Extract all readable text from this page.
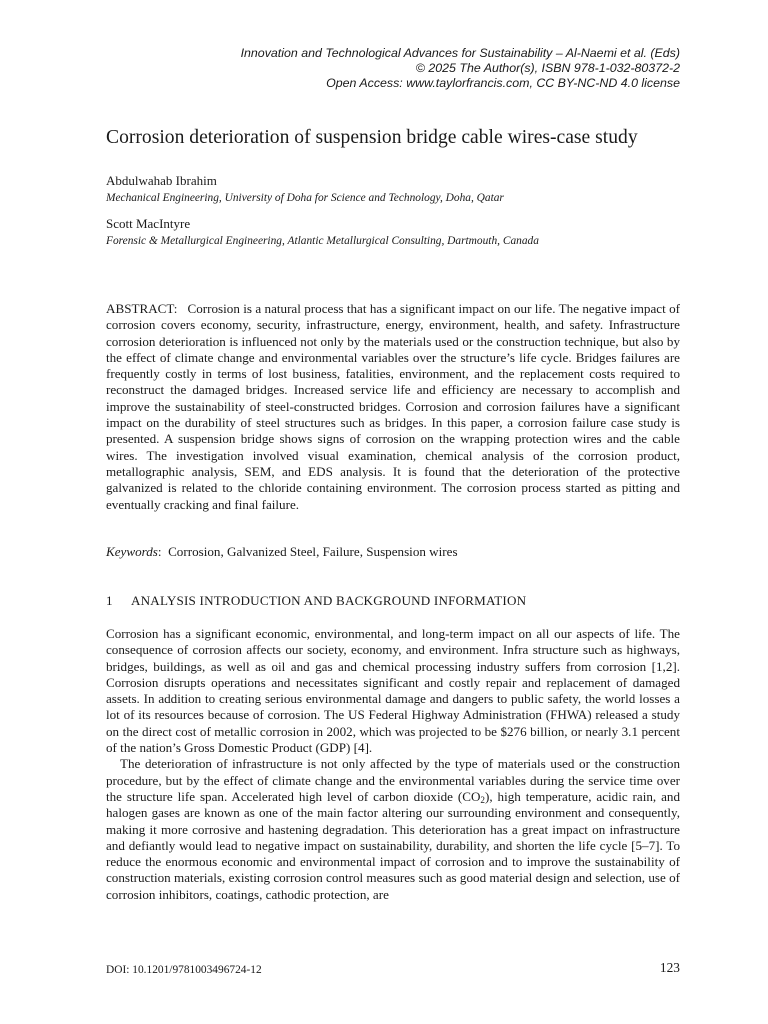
Innovation and Technological Advances for Sustainability – Al-Naemi et al. (Eds)
© 2025 The Author(s), ISBN 978-1-032-80372-2
Open Access: www.taylorfrancis.com, CC BY-NC-ND 4.0 license
Corrosion deterioration of suspension bridge cable wires-case study
Abdulwahab Ibrahim
Mechanical Engineering, University of Doha for Science and Technology, Doha, Qatar
Scott MacIntyre
Forensic & Metallurgical Engineering, Atlantic Metallurgical Consulting, Dartmouth, Canada
ABSTRACT: Corrosion is a natural process that has a significant impact on our life. The negative impact of corrosion covers economy, security, infrastructure, energy, environment, health, and safety. Infrastructure corrosion deterioration is influenced not only by the materials used or the construction technique, but also by the effect of climate change and environmental variables over the structure’s life cycle. Bridges failures are frequently costly in terms of lost business, fatalities, environment, and the replacement costs required to reconstruct the damaged bridges. Increased service life and efficiency are necessary to accomplish and improve the sustainability of steel-constructed bridges. Corrosion and corrosion failures have a significant impact on the durability of steel structures such as bridges. In this paper, a corrosion failure case study is presented. A suspension bridge shows signs of corrosion on the wrapping protection wires and the cable wires. The investigation involved visual examination, chemical analysis of the corrosion product, metallographic analysis, SEM, and EDS analysis. It is found that the deterioration of the protective galvanized is related to the chloride containing environment. The corrosion process started as pitting and eventually cracking and final failure.
Keywords:  Corrosion, Galvanized Steel, Failure, Suspension wires
1 ANALYSIS INTRODUCTION AND BACKGROUND INFORMATION

Corrosion has a significant economic, environmental, and long-term impact on all our aspects of life. The consequence of corrosion affects our society, economy, and environment. Infra structure such as highways, bridges, buildings, as well as oil and gas and chemical processing industry suffers from corrosion [1,2]. Corrosion disrupts operations and necessitates significant and costly repair and replacement of damaged assets. In addition to creating serious environmental damage and dangers to public safety, the world losses a lot of its resources because of corrosion. The US Federal Highway Administration (FHWA) released a study on the direct cost of metallic corrosion in 2002, which was projected to be $276 billion, or nearly 3.1 percent of the nation’s Gross Domestic Product (GDP) [4].

The deterioration of infrastructure is not only affected by the type of materials used or the construction procedure, but by the effect of climate change and the environmental variables during the service time over the structure life span. Accelerated high level of carbon dioxide $(CO_2)$, high temperature, acidic rain, and halogen gases are known as one of the main factor altering our surrounding environment and consequently, making it more corrosive and hastening degradation. This deterioration has a great impact on infrastructure and defiantly would lead to negative impact on sustainability, durability, and shorten the life cycle [5–7]. To reduce the enormous economic and environmental impact of corrosion and to improve the sustainability of construction materials, existing corrosion control measures such as good material design and selection, use of corrosion inhibitors, coatings, cathodic protection, are

DOI: 10.1201/9781003496724-12	123
